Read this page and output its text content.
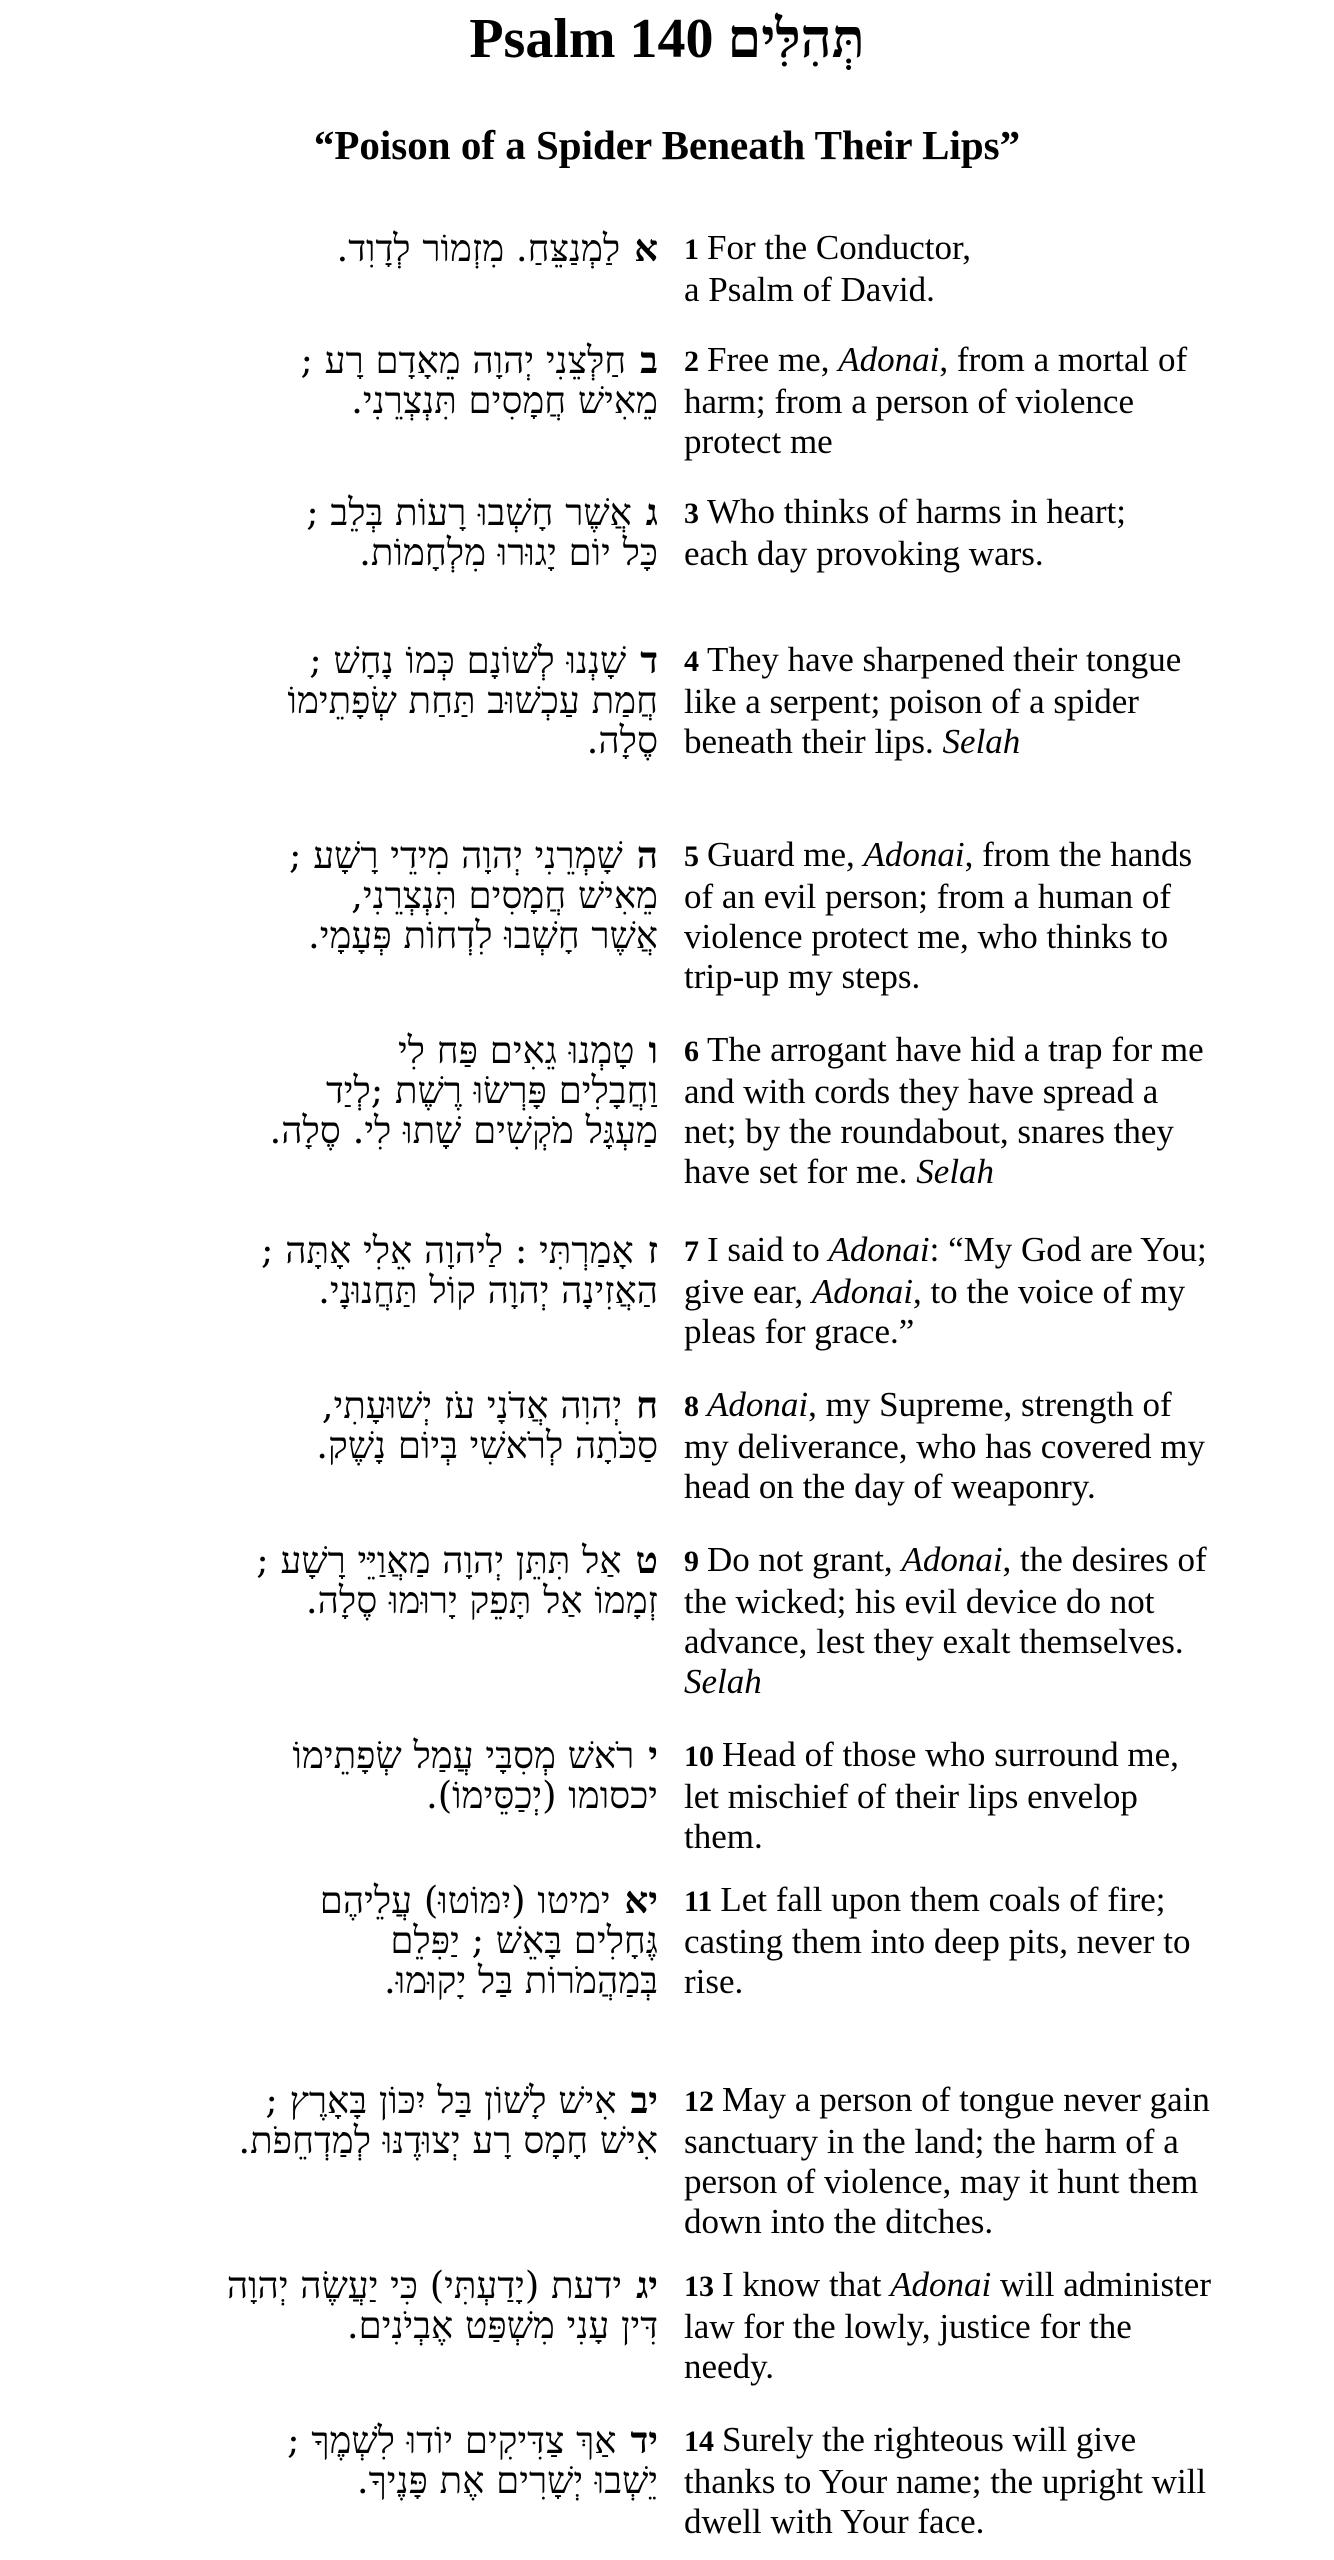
Psalm 140 תְּהִלִּים
“Poison of a Spider Beneath Their Lips”
אלַמְנַצֵּחַ. מִזְמוֹר לְדָוִד.	1 For the Conductor,
a Psalm of David.
בחַלְּצֵנִי יְהוָה מֵאָדָם רָע ;
מֵאִישׁ חֲמָסִים תִּנְצְרֵנִי.
2 Free me, Adonai, from a mortal of
harm; from a person of violence
protect me
גאֲשֶׁר חָשְׁבוּ רָעוֹת בְּלֵב ;
כָּל יוֹם יָגוּרוּ מִלְחָמוֹת.
3 Who thinks of harms in heart;
each day provoking wars.
דשָׁנְנוּ לְשׁוֹנָם כְּמוֹ נָחָשׁ ;
חֲמַת עַכְשׁוּב תַּחַת שְׂפָתֵימוֹ
סֶלָה.
4 They have sharpened their tongue
like a serpent; poison of a spider
beneath their lips. Selah
השָׁמְרֵנִי יְהוָה מִידֵי רָשָׁע ;
מֵאִישׁ חֲמָסִים תִּנְצְרֵנִי,
אֲשֶׁר חָשְׁבוּ לִדְחוֹת פְּעָמָי.
5 Guard me, Adonai, from the hands
of an evil person; from a human of
violence protect me, who thinks to
trip-up my steps.
וטָמְנוּ גֵאִים פַּח לִי
וַחֲבָלִים פָּרְשׂוּ רֶשֶׁת ;לְיַד
מַעְגָּל מֹקְשִׁים שָׁתוּ לִי. סֶלָה.
6 The arrogant have hid a trap for me
and with cords they have spread a
net; by the roundabout, snares they
have set for me. Selah
זאָמַרְתִּי : לַיהוָה אֵלִי אָתָּה ;
הַאֲזִינָה יְהוָה קוֹל תַּחֲנוּנָי.
7 I said to Adonai: “My God are You;
give ear, Adonai, to the voice of my
pleas for grace.”
חיְהוִה אֲדֹנָי עֹז יְשׁוּעָתִי,
סַכֹּתָה לְרֹאשִׁי בְּיוֹם נָשֶׁק.
8 Adonai, my Supreme, strength of
my deliverance, who has covered my
head on the day of weaponry.
טאַל תִּתֵּן יְהוָה מַאֲוַיֵּי רָשָׁע ;
זְמָמוֹ אַל תָּפֵק יָרוּמוּ סֶלָה.
9 Do not grant, Adonai, the desires of
the wicked; his evil device do not
advance, lest they exalt themselves.
Selah
ירֹאשׁ מְסִבָּי עֲמַל שְׂפָתֵימוֹ
יכסומו (יְכַסֵּימוֹ).
10 Head of those who surround me,
let mischief of their lips envelop
them.
יאימיטו (יִמּוֹטוּ) עֲלֵיהֶם
גֶּחָלִים בָּאֵשׁ ; יַפִּלֵם
בְּמַהֲמֹרוֹת בַּל יָקוּמוּ.
11 Let fall upon them coals of fire;
casting them into deep pits, never to
rise.
יבאִישׁ לָשׁוֹן בַּל יִכּוֹן בָּאָרֶץ ;
אִישׁ חָמָס רָע יְצוּדֶנּוּ לְמַדְחֵפֹת.
12 May a person of tongue never gain
sanctuary in the land; the harm of a
person of violence, may it hunt them
down into the ditches.
יגידעת (יָדַעְתִּי) כִּי יַעֲשֶׂה יְהוָה
דִּין עָנִי מִשְׁפַּט אֶבְיֹנִים.
13 I know that Adonai will administer
law for the lowly, justice for the
needy.
ידאַךְ צַדִּיקִים יוֹדוּ לִשְׁמֶךָ ;
יֵשְׁבוּ יְשָׁרִים אֶת פָּנֶיךָ.
14 Surely the righteous will give
thanks to Your name; the upright will
dwell with Your face.
